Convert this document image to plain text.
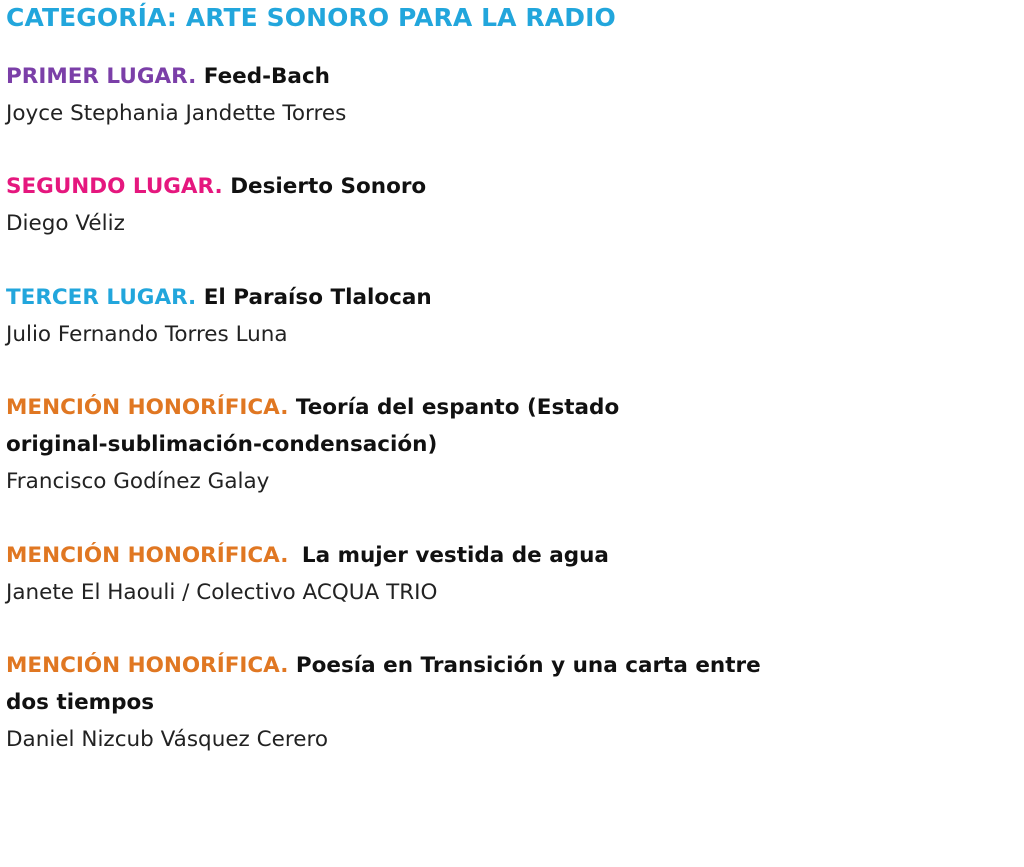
CATEGORÍA: ARTE SONORO PARA LA RADIO
PRIMER LUGAR. Feed-Bach
Joyce Stephania Jandette Torres
SEGUNDO LUGAR. Desierto Sonoro
Diego Véliz
TERCER LUGAR. El Paraíso Tlalocan
Julio Fernando Torres Luna
MENCIÓN HONORÍFICA. Teoría del espanto (Estado original-sublimación-condensación)
Francisco Godínez Galay
MENCIÓN HONORÍFICA. La mujer vestida de agua
Janete El Haouli / Colectivo ACQUA TRIO
MENCIÓN HONORÍFICA. Poesía en Transición y una carta entre dos tiempos
Daniel Nizcub Vásquez Cerero
